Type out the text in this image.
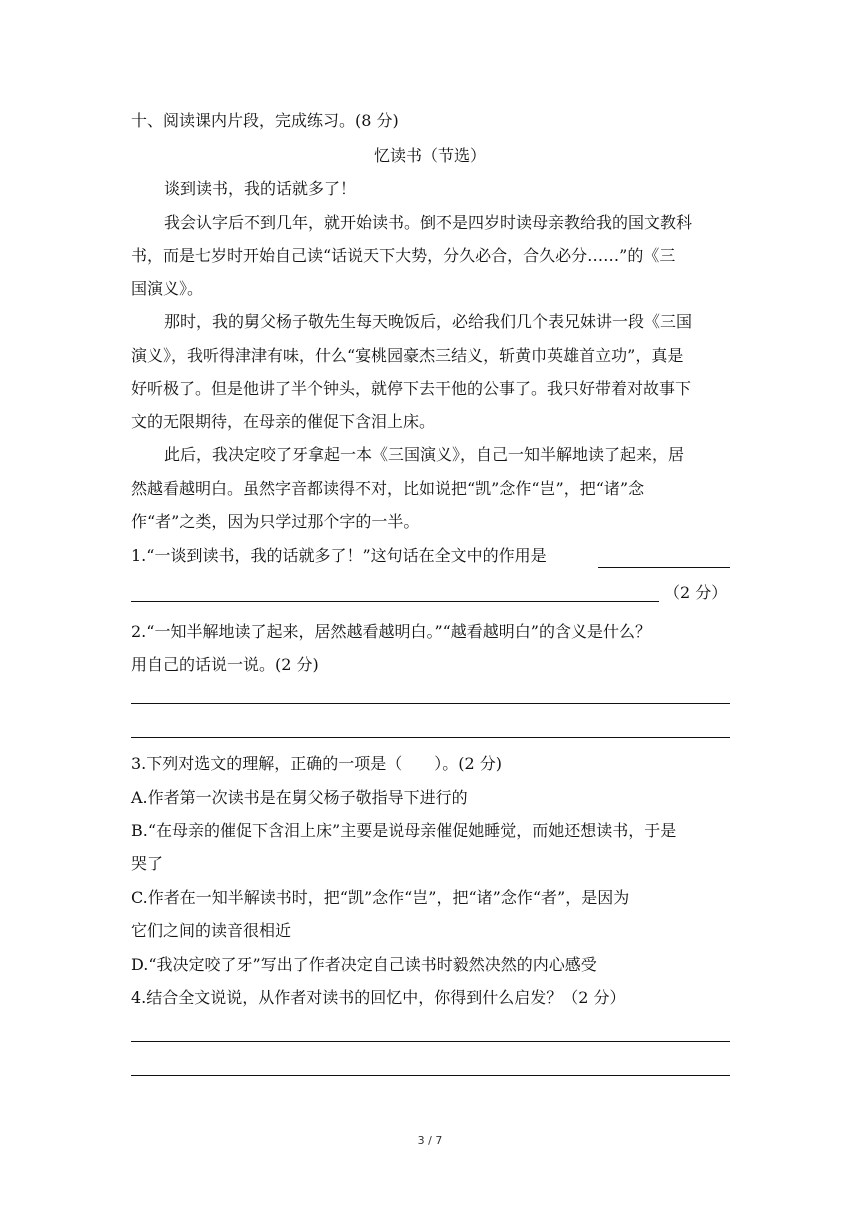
十、阅读课内片段，完成练习。(8 分)
忆读书（节选）
谈到读书，我的话就多了！
我会认字后不到几年，就开始读书。倒不是四岁时读母亲教给我的国文教科
书，而是七岁时开始自己读“话说天下大势，分久必合，合久必分……”的《三
国演义》。
那时，我的舅父杨子敬先生每天晚饭后，必给我们几个表兄妹讲一段《三国
演义》，我听得津津有味，什么“宴桃园豪杰三结义，斩黄巾英雄首立功”，真是
好听极了。但是他讲了半个钟头，就停下去干他的公事了。我只好带着对故事下
文的无限期待，在母亲的催促下含泪上床。
此后，我决定咬了牙拿起一本《三国演义》，自己一知半解地读了起来，居
然越看越明白。虽然字音都读得不对，比如说把“凯”念作“岂”，把“诸”念
作“者”之类，因为只学过那个字的一半。
1.“一谈到读书，我的话就多了！”这句话在全文中的作用是
（2 分）
2.“一知半解地读了起来，居然越看越明白。”“越看越明白”的含义是什么？
用自己的话说一说。(2 分)
3.下列对选文的理解，正确的一项是（　　）。(2 分)
A.作者第一次读书是在舅父杨子敬指导下进行的
B.“在母亲的催促下含泪上床”主要是说母亲催促她睡觉，而她还想读书，于是
哭了
C.作者在一知半解读书时，把“凯”念作“岂”，把“诸”念作“者”，是因为
它们之间的读音很相近
D.“我决定咬了牙”写出了作者决定自己读书时毅然决然的内心感受
4.结合全文说说，从作者对读书的回忆中，你得到什么启发？（2 分）
3 / 7
